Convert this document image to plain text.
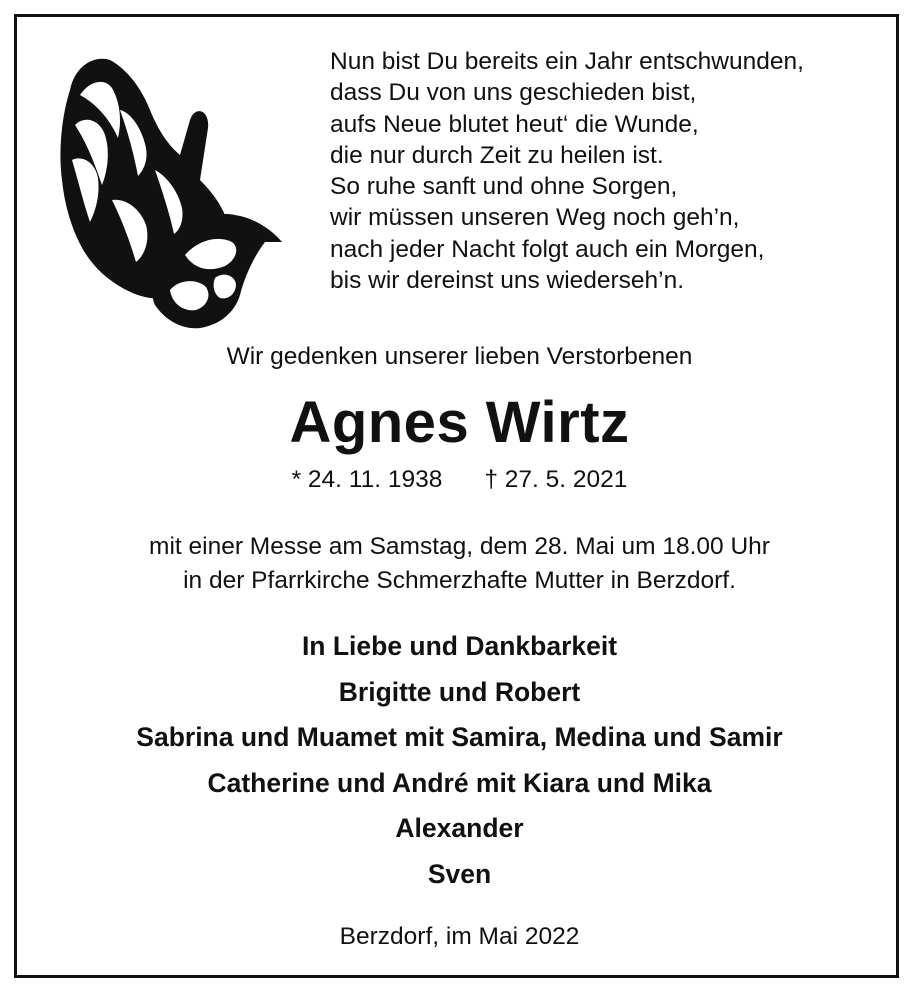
Nun bist Du bereits ein Jahr entschwunden,
dass Du von uns geschieden bist,
aufs Neue blutet heut‘ die Wunde,
die nur durch Zeit zu heilen ist.
So ruhe sanft und ohne Sorgen,
wir müssen unseren Weg noch geh’n,
nach jeder Nacht folgt auch ein Morgen,
bis wir dereinst uns wiederseh’n.
Wir gedenken unserer lieben Verstorbenen
Agnes Wirtz
* 24. 11. 1938 † 27. 5. 2021
mit einer Messe am Samstag, dem 28. Mai um 18.00 Uhr
in der Pfarrkirche Schmerzhafte Mutter in Berzdorf.
In Liebe und Dankbarkeit
Brigitte und Robert
Sabrina und Muamet mit Samira, Medina und Samir
Catherine und André mit Kiara und Mika
Alexander
Sven
Berzdorf, im Mai 2022
